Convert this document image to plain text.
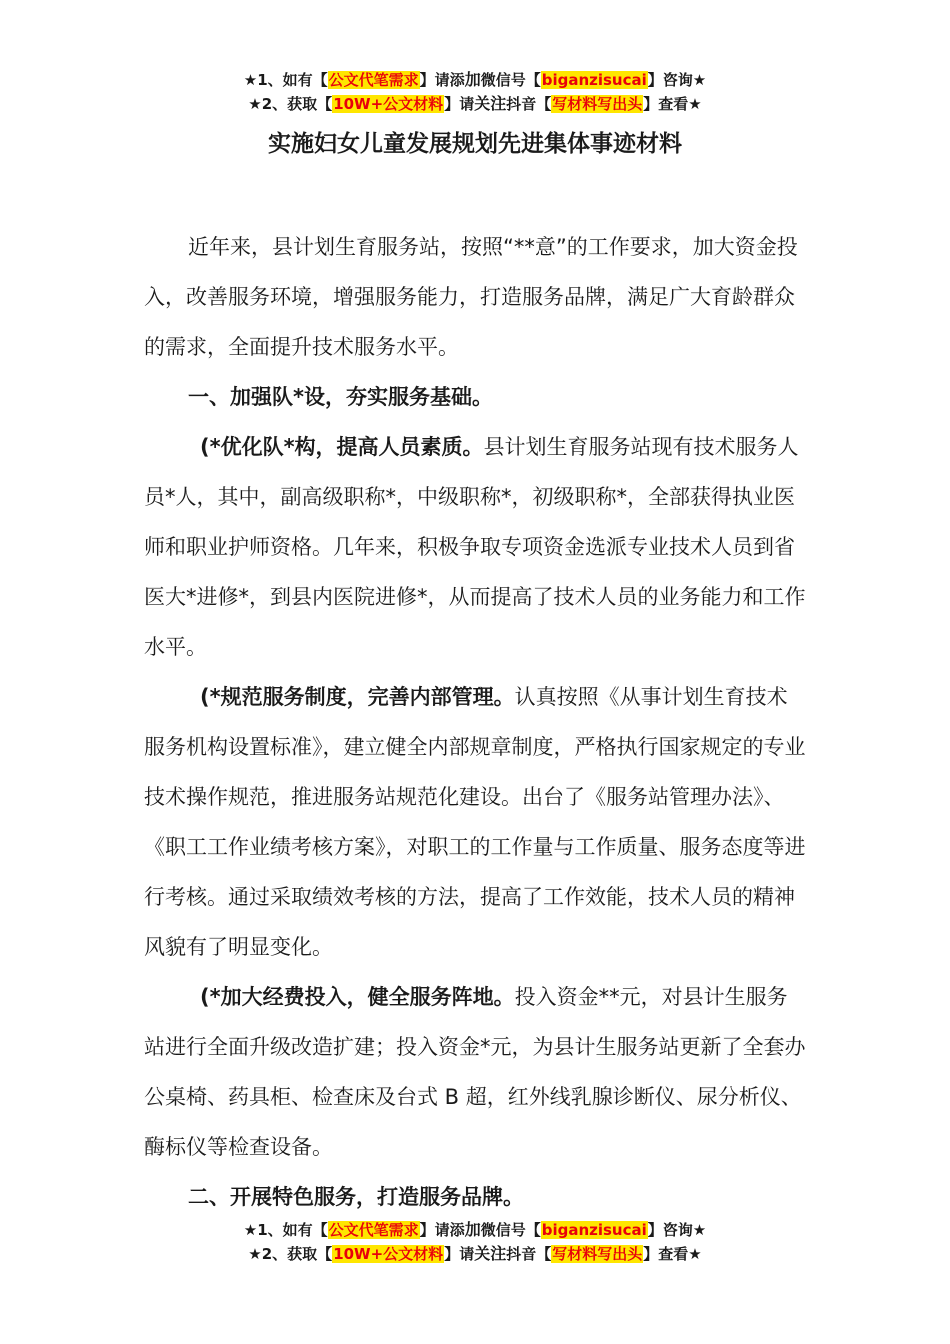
★1、如有【公文代笔需求】请添加微信号【biganzisucai】咨询★
★2、获取【10W+公文材料】请关注抖音【写材料写出头】查看★
实施妇女儿童发展规划先进集体事迹材料

近年来，县计划生育服务站，按照“**意”的工作要求，加大资金投入，改善服务环境，增强服务能力，打造服务品牌，满足广大育龄群众的需求，全面提升技术服务水平。

一、加强队*设，夯实服务基础。

(*优化队*构，提高人员素质。县计划生育服务站现有技术服务人员*人，其中，副高级职称*，中级职称*，初级职称*，全部获得执业医师和职业护师资格。几年来，积极争取专项资金选派专业技术人员到省医大*进修*，到县内医院进修*，从而提高了技术人员的业务能力和工作水平。

(*规范服务制度，完善内部管理。认真按照《从事计划生育技术服务机构设置标准》，建立健全内部规章制度，严格执行国家规定的专业技术操作规范，推进服务站规范化建设。出台了《服务站管理办法》、《职工工作业绩考核方案》，对职工的工作量与工作质量、服务态度等进行考核。通过采取绩效考核的方法，提高了工作效能，技术人员的精神风貌有了明显变化。

(*加大经费投入，健全服务阵地。投入资金**元，对县计生服务站进行全面升级改造扩建；投入资金*元，为县计生服务站更新了全套办公桌椅、药具柜、检查床及台式 B 超，红外线乳腺诊断仪、尿分析仪、酶标仪等检查设备。

二、开展特色服务，打造服务品牌。

★1、如有【公文代笔需求】请添加微信号【biganzisucai】咨询★
★2、获取【10W+公文材料】请关注抖音【写材料写出头】查看★
